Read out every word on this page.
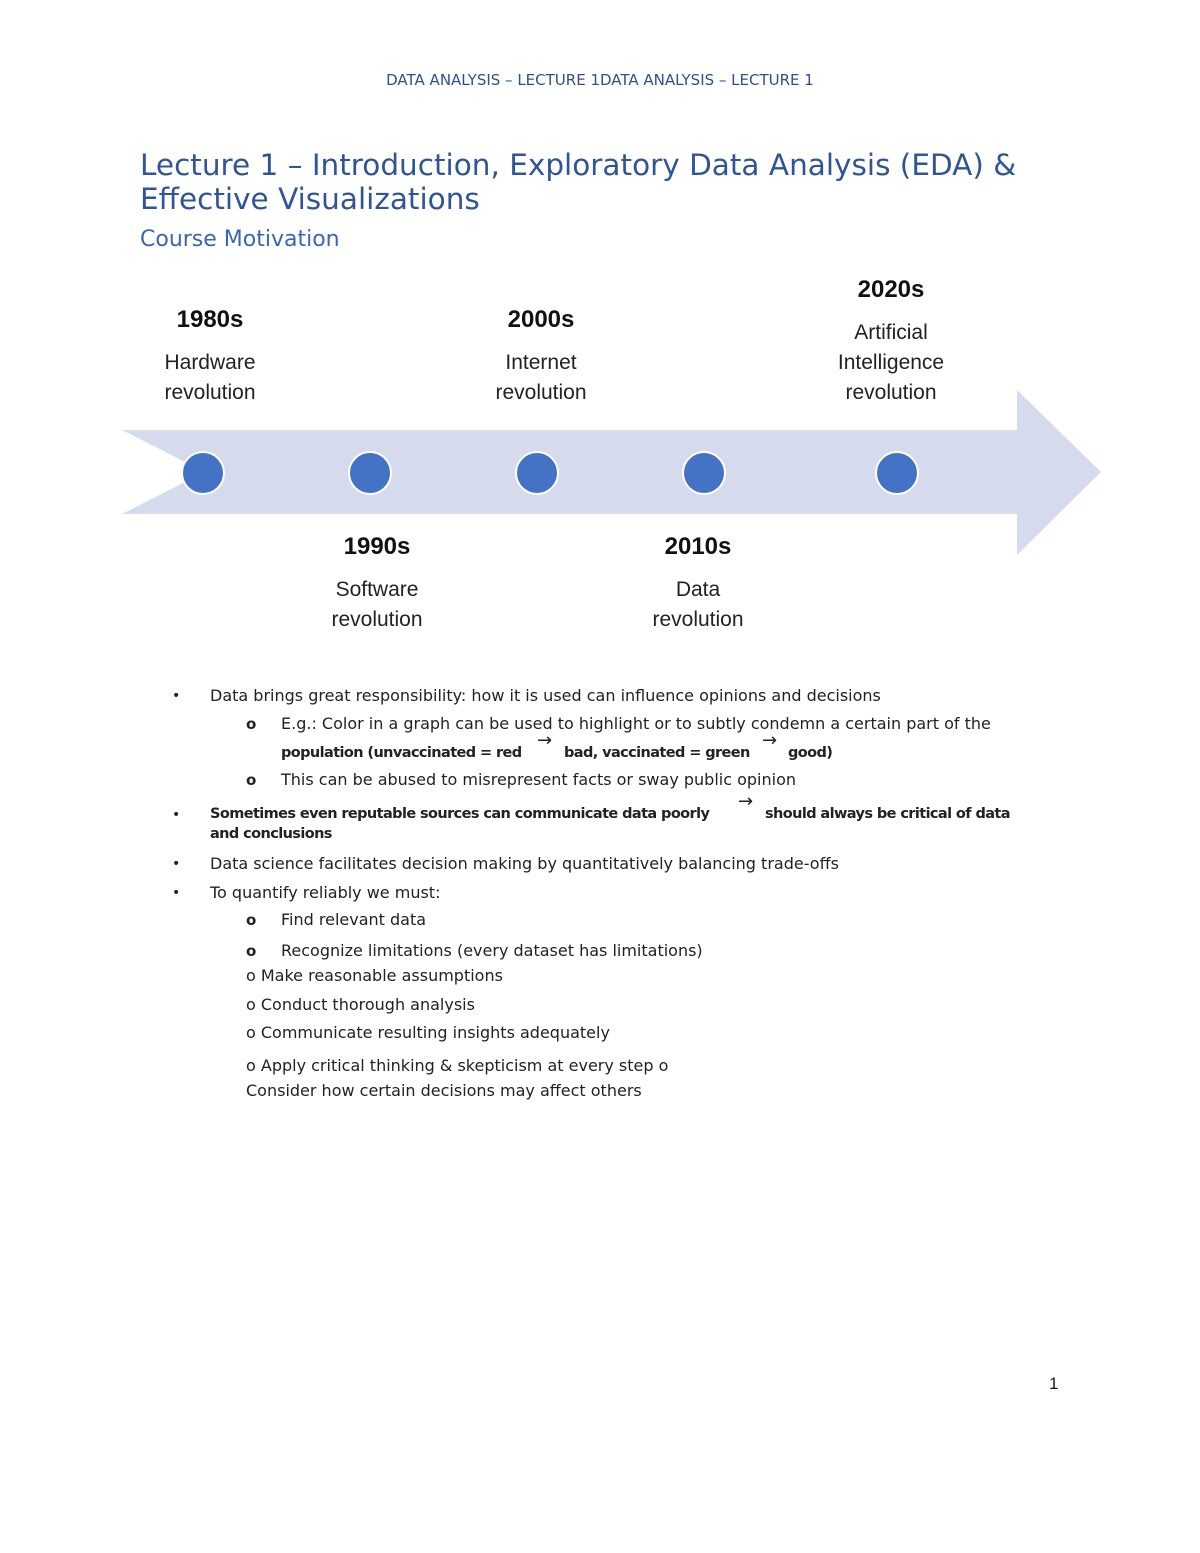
DATA ANALYSIS – LECTURE 1DATA ANALYSIS – LECTURE 1
Lecture 1 – Introduction, Exploratory Data Analysis (EDA) & Effective Visualizations
Course Motivation
1980s
Hardware
revolution
1990s
Software
revolution
2000s
Internet
revolution
2010s
Data
revolution
2020s
Artificial
Intelligence
revolution
• Data brings great responsibility: how it is used can influence opinions and decisions
o E.g.: Color in a graph can be used to highlight or to subtly condemn a certain part of the
population (unvaccinated = red
→
bad, vaccinated = green
→
good)
o This can be abused to misrepresent facts or sway public opinion
• Sometimes even reputable sources can communicate data poorly
→
should always be critical of data
and conclusions
• Data science facilitates decision making by quantitatively balancing trade-offs
• To quantify reliably we must:
o Find relevant data
o Recognize limitations (every dataset has limitations)
o Make reasonable assumptions
o Conduct thorough analysis
o Communicate resulting insights adequately
o Apply critical thinking & skepticism at every step o
Consider how certain decisions may affect others
1
